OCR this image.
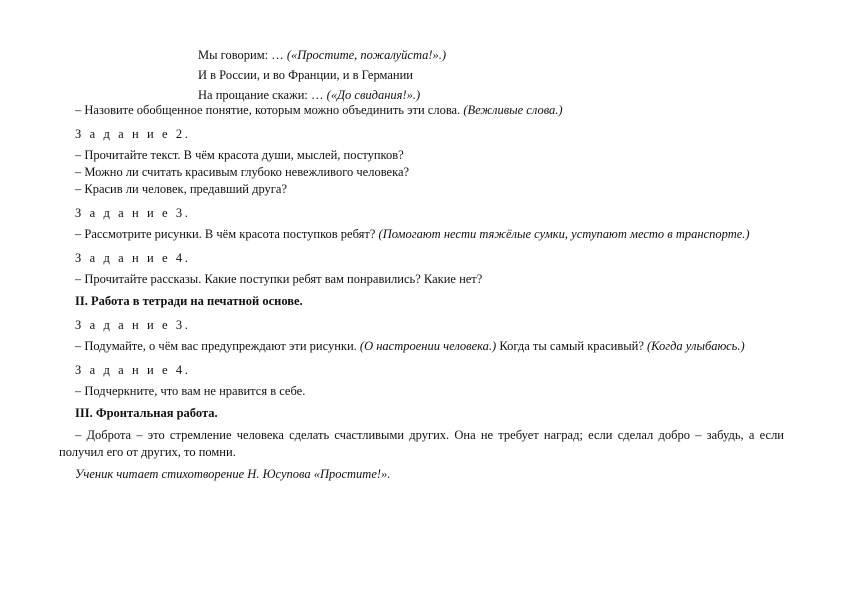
Мы говорим: … («Простите, пожалуйста!».)
И в России, и во Франции, и в Германии
На прощание скажи: … («До свидания!».)

– Назовите обобщенное понятие, которым можно объединить эти слова. (Вежливые слова.)

З а д а н и е 2.

– Прочитайте текст. В чём красота души, мыслей, поступков?

– Можно ли считать красивым глубоко невежливого человека?

– Красив ли человек, предавший друга?

З а д а н и е 3.

– Рассмотрите рисунки. В чём красота поступков ребят? (Помогают нести тяжёлые сумки, уступают место в транспорте.)

З а д а н и е 4.

– Прочитайте рассказы. Какие поступки ребят вам понравились? Какие нет?

II. Работа в тетради на печатной основе.

З а д а н и е 3.

– Подумайте, о чём вас предупреждают эти рисунки. (О настроении человека.) Когда ты самый красивый? (Когда улыбаюсь.)

З а д а н и е 4.

– Подчеркните, что вам не нравится в себе.

III. Фронтальная работа.

– Доброта – это стремление человека сделать счастливыми других. Она не требует наград; если сделал добро – забудь, а если получил его от других, то помни.

Ученик читает стихотворение Н. Юсупова «Простите!».
